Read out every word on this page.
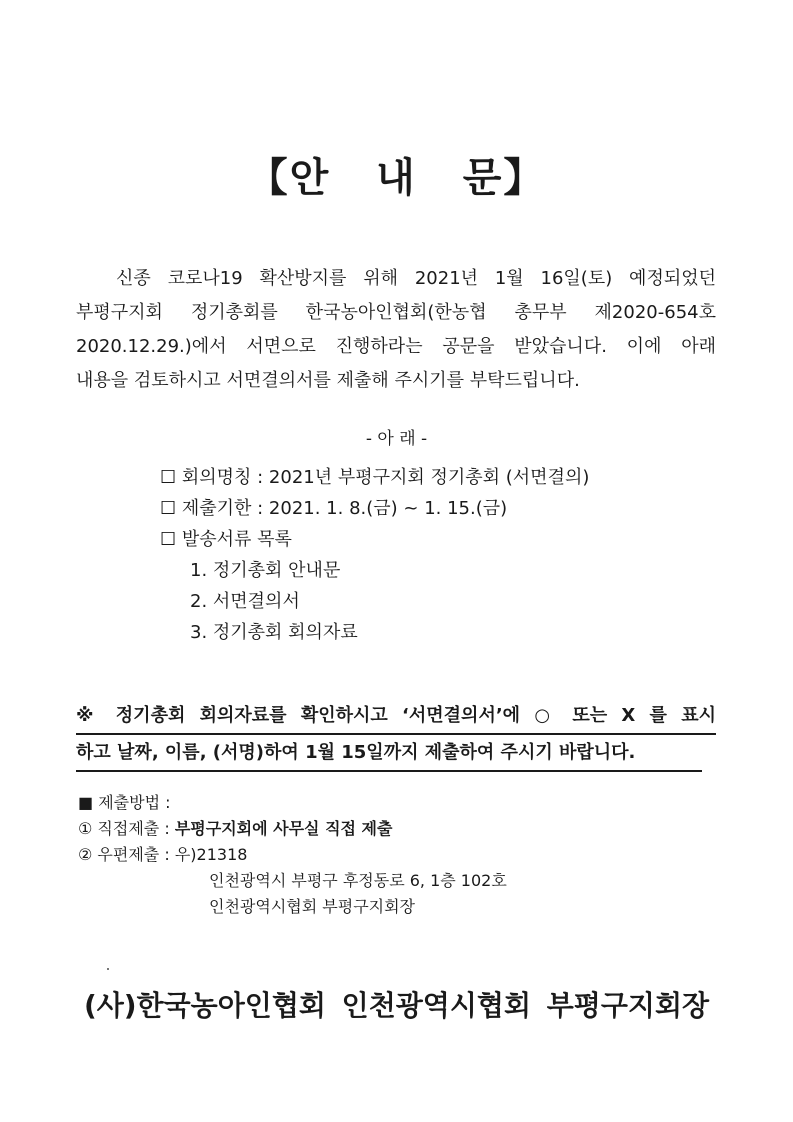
【안 내 문】
신종 코로나19 확산방지를 위해 2021년 1월 16일(토) 예정되었던
부평구지회 정기총회를 한국농아인협회(한농협 총무부 제2020-654호
2020.12.29.)에서 서면으로 진행하라는 공문을 받았습니다. 이에 아래
내용을 검토하시고 서면결의서를 제출해 주시기를 부탁드립니다.
- 아 래 -
☐ 회의명칭 : 2021년 부평구지회 정기총회 (서면결의)
☐ 제출기한 : 2021. 1. 8.(금) ~ 1. 15.(금)
☐ 발송서류 목록
1. 정기총회 안내문
2. 서면결의서
3. 정기총회 회의자료
※ 정기총회 회의자료를 확인하시고 ‘서면결의서’에 ○ 또는 X 를 표시
하고 날짜, 이름, (서명)하여 1월 15일까지 제출하여 주시기 바랍니다.
■ 제출방법 :
① 직접제출 : 부평구지회에 사무실 직접 제출
② 우편제출 : 우)21318
인천광역시 부평구 후정동로 6, 1층 102호
인천광역시협회 부평구지회장
(사)한국농아인협회 인천광역시협회 부평구지회장
